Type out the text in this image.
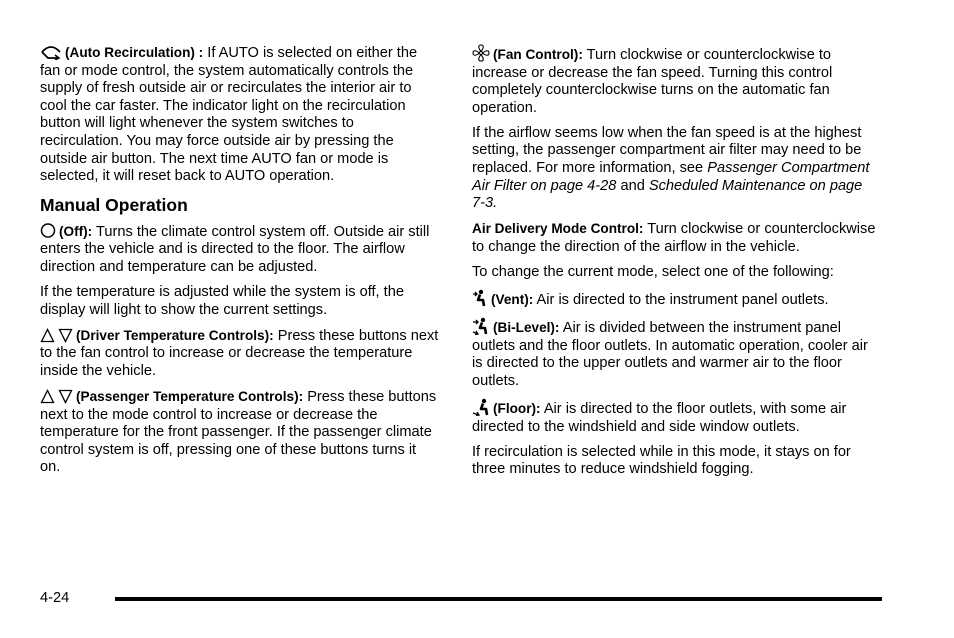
(Auto Recirculation) : If AUTO is selected on either the fan or mode control, the system automatically controls the supply of fresh outside air or recirculates the interior air to cool the car faster. The indicator light on the recirculation button will light whenever the system switches to recirculation. You may force outside air by pressing the outside air button. The next time AUTO fan or mode is selected, it will reset back to AUTO operation.

Manual Operation

(Off): Turns the climate control system off. Outside air still enters the vehicle and is directed to the floor. The airflow direction and temperature can be adjusted.

If the temperature is adjusted while the system is off, the display will light to show the current settings.

(Driver Temperature Controls): Press these buttons next to the fan control to increase or decrease the temperature inside the vehicle.

(Passenger Temperature Controls): Press these buttons next to the mode control to increase or decrease the temperature for the front passenger. If the passenger climate control system is off, pressing one of these buttons turns it on.

(Fan Control): Turn clockwise or counterclockwise to increase or decrease the fan speed. Turning this control completely counterclockwise turns on the automatic fan operation.

If the airflow seems low when the fan speed is at the highest setting, the passenger compartment air filter may need to be replaced. For more information, see Passenger Compartment Air Filter on page 4-28 and Scheduled Maintenance on page 7-3.

Air Delivery Mode Control: Turn clockwise or counterclockwise to change the direction of the airflow in the vehicle.

To change the current mode, select one of the following:

(Vent): Air is directed to the instrument panel outlets.

(Bi-Level): Air is divided between the instrument panel outlets and the floor outlets. In automatic operation, cooler air is directed to the upper outlets and warmer air to the floor outlets.

(Floor): Air is directed to the floor outlets, with some air directed to the windshield and side window outlets.

If recirculation is selected while in this mode, it stays on for three minutes to reduce windshield fogging.

4-24
